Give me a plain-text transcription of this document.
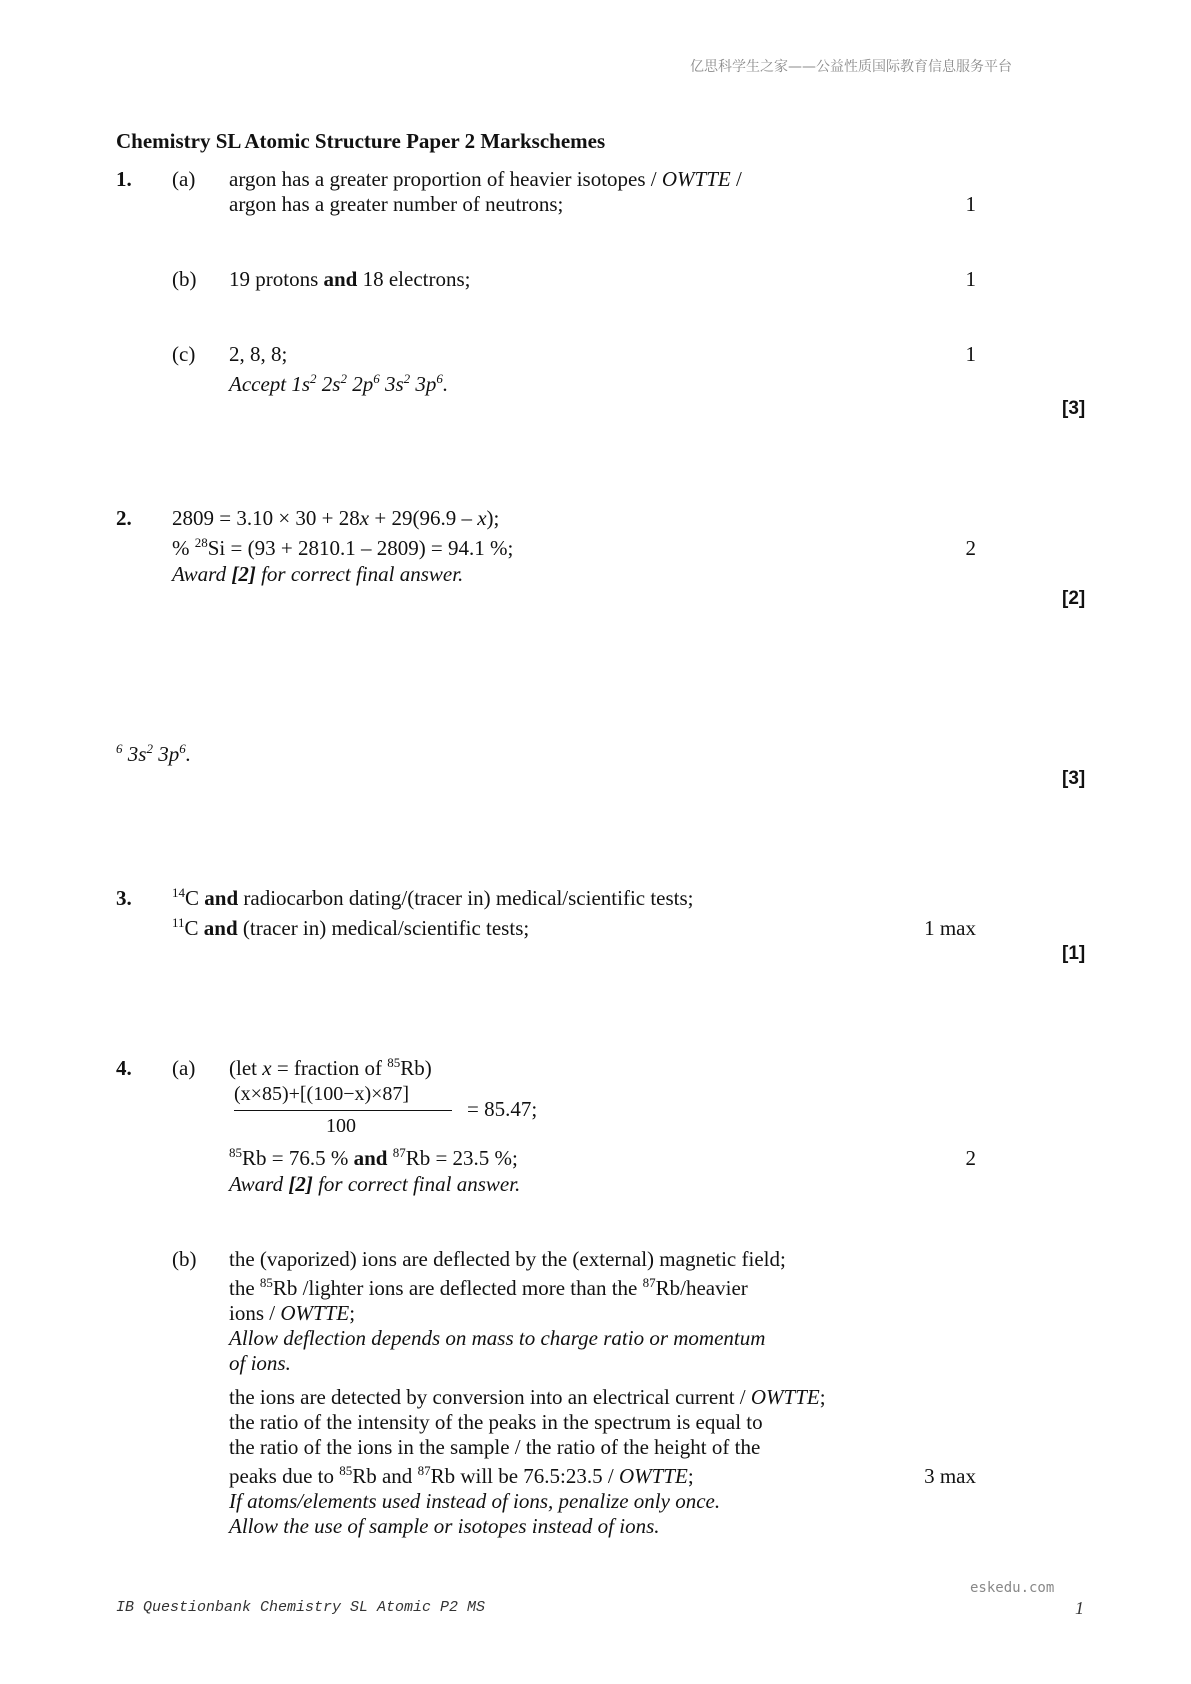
亿思科学生之家——公益性质国际教育信息服务平台
Chemistry SL Atomic Structure Paper 2 Markschemes
1. (a) argon has a greater proportion of heavier isotopes / OWTTE /
argon has a greater number of neutrons;	1
(b) 19 protons and 18 electrons;	1
(c) 2, 8, 8;	1
Accept $1s^2$ $2s^2$ $2p^6$ $3s^2$ $3p^6$.
[3]
2. 2809 = 3.10 × 30 + 28x + 29(96.9 – x);
% $^{28}$Si = (93 + 2810.1 – 2809) = 94.1 %;	2
Award [2] for correct final answer.
[2]
$^6$ $3s^2$ $3p^6$.
[3]
3.	$^{14}$C and radiocarbon dating/(tracer in) medical/scientific tests;
$^{11}$C and (tracer in) medical/scientific tests;	1 max
[1]
4. (a) (let x = fraction of $^{85}$Rb)
(x×85)+[(100−x)×87]
100
= 85.47;
$^{85}$Rb = 76.5 % and $^{87}$Rb = 23.5 %;	2
Award [2] for correct final answer.
(b) the (vaporized) ions are deflected by the (external) magnetic field;
the $^{85}$Rb /lighter ions are deflected more than the $^{87}$Rb/heavier
ions / OWTTE;
Allow deflection depends on mass to charge ratio or momentum
of ions.
the ions are detected by conversion into an electrical current / OWTTE;
the ratio of the intensity of the peaks in the spectrum is equal to
the ratio of the ions in the sample / the ratio of the height of the
peaks due to $^{85}$Rb and $^{87}$Rb will be 76.5:23.5 / OWTTE;
If atoms/elements used instead of ions, penalize only once.
Allow the use of sample or isotopes instead of ions.
3 max
eskedu.com
IB Questionbank Chemistry SL Atomic P2 MS	1
